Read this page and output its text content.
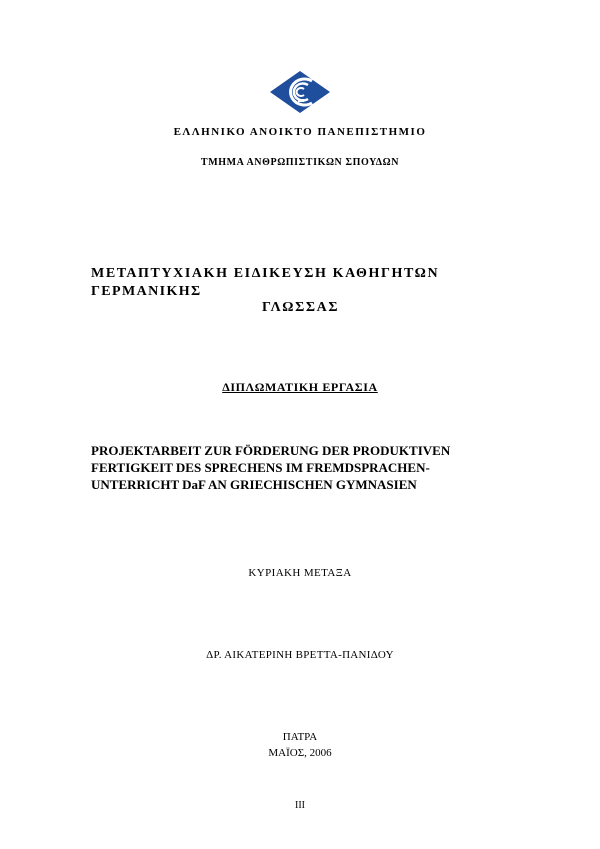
ΕΛΛΗΝΙΚΟ ΑΝΟΙΚΤΟ ΠΑΝΕΠΙΣΤΗΜΙΟ
ΤΜΗΜΑ ΑΝΘΡΩΠΙΣΤΙΚΩΝ ΣΠΟΥΔΩΝ
ΜΕΤΑΠΤΥΧΙΑΚΗ ΕΙΔΙΚΕΥΣΗ ΚΑΘΗΓΗΤΩΝ
ΓΕΡΜΑΝΙΚΗΣ
ΓΛΩΣΣΑΣ
ΔΙΠΛΩΜΑΤΙΚΗ ΕΡΓΑΣΙΑ
PROJEKTARBEIT ZUR FÖRDERUNG DER PRODUKTIVEN
FERTIGKEIT DES SPRECHENS IM FREMDSPRACHEN-
UNTERRICHT DaF AN GRIECHISCHEN GYMNASIEN
ΚΥΡΙΑΚΗ ΜΕΤΑΞΑ
ΔΡ. ΑΙΚΑΤΕΡΙΝΗ ΒΡΕΤΤΑ-ΠΑΝΙΔΟΥ
ΠΑΤΡΑ
ΜΑΪΟΣ, 2006
III
